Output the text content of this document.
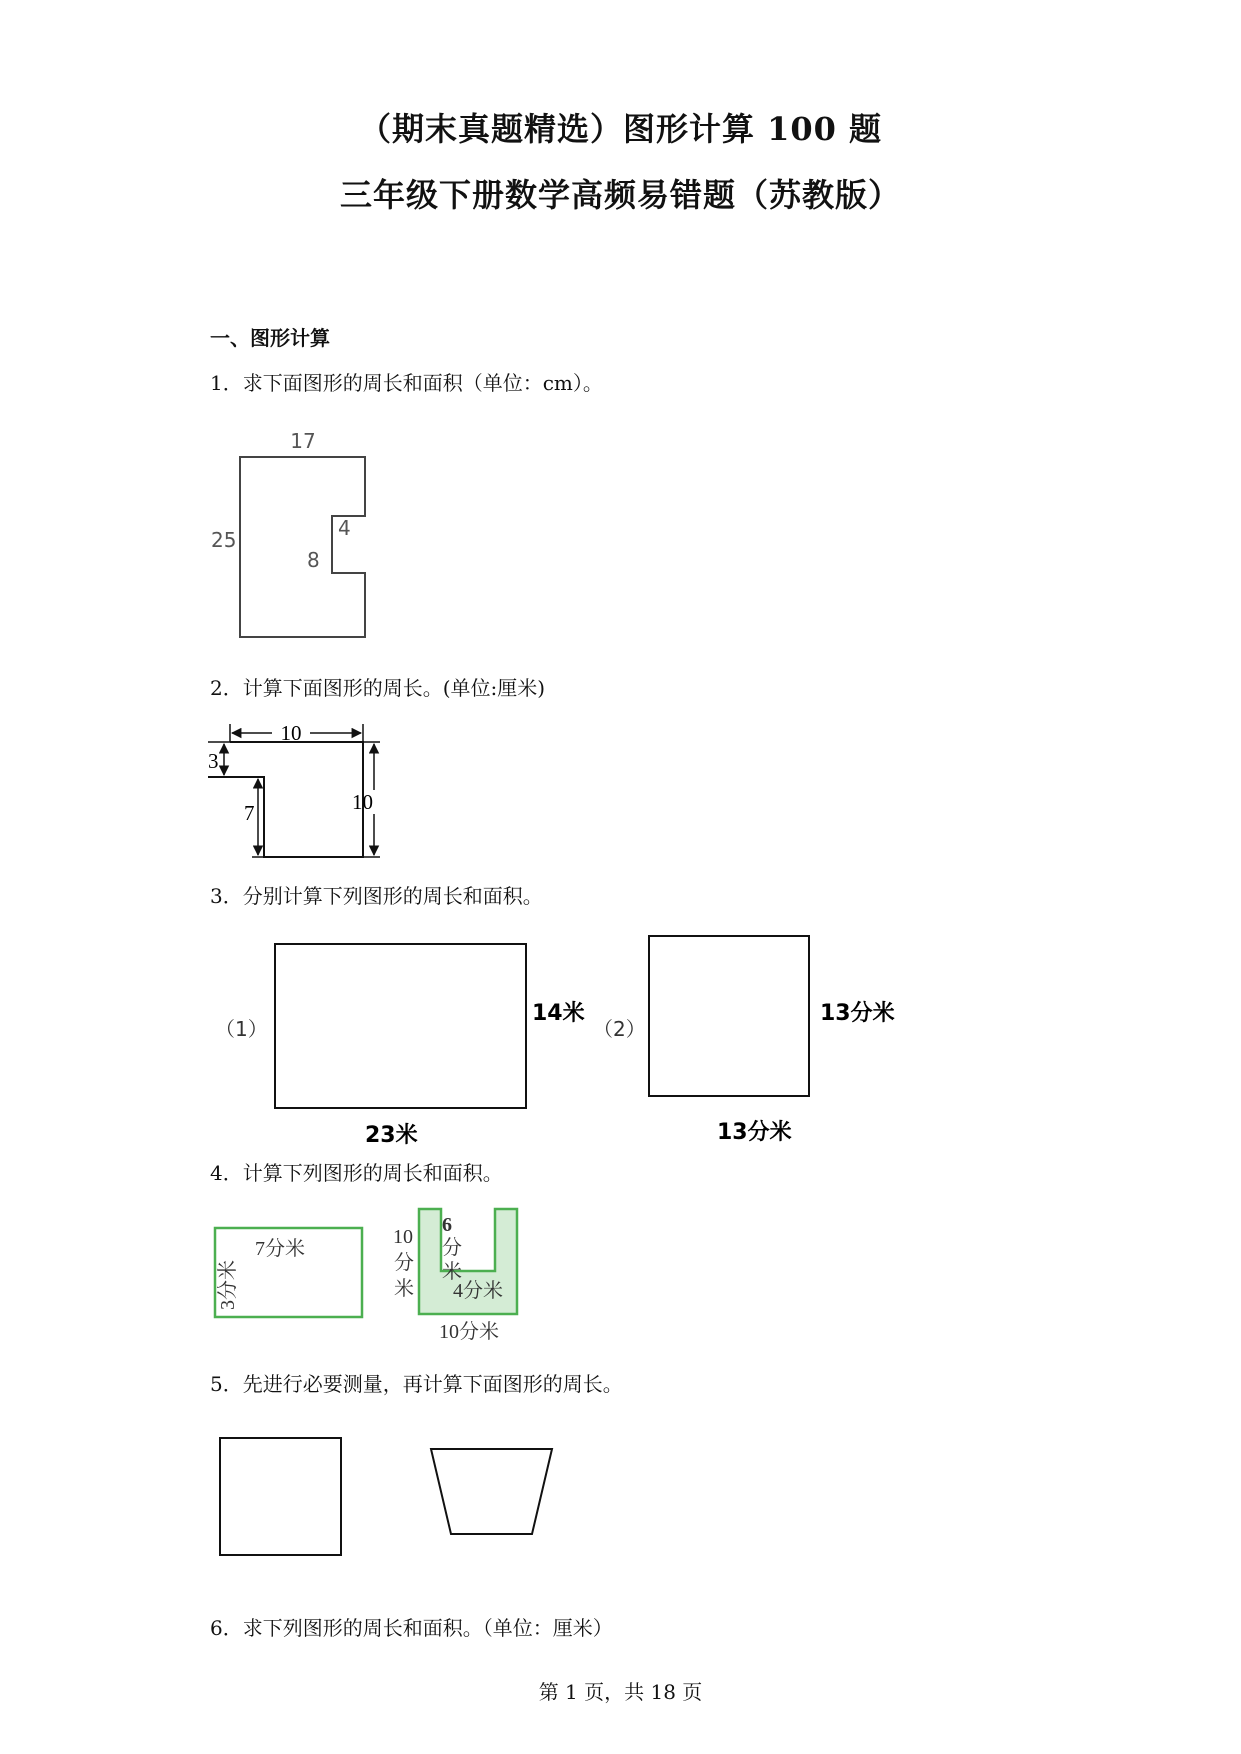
（期末真题精选）图形计算 100 题
三年级下册数学高频易错题（苏教版）
一、图形计算
1．求下面图形的周长和面积（单位：cm）。
17
25	4
8
2．计算下面图形的周长。(单位:厘米)
10
3
7	10
3．分别计算下列图形的周长和面积。
（1）
14米
23米
（2）
13分米
13分米
4．计算下列图形的周长和面积。
7分米
3分米
10
分
米
6
分
米
4分米
10分米
5．先进行必要测量，再计算下面图形的周长。
6．求下列图形的周长和面积。（单位：厘米）
第 1 页，共 18 页
